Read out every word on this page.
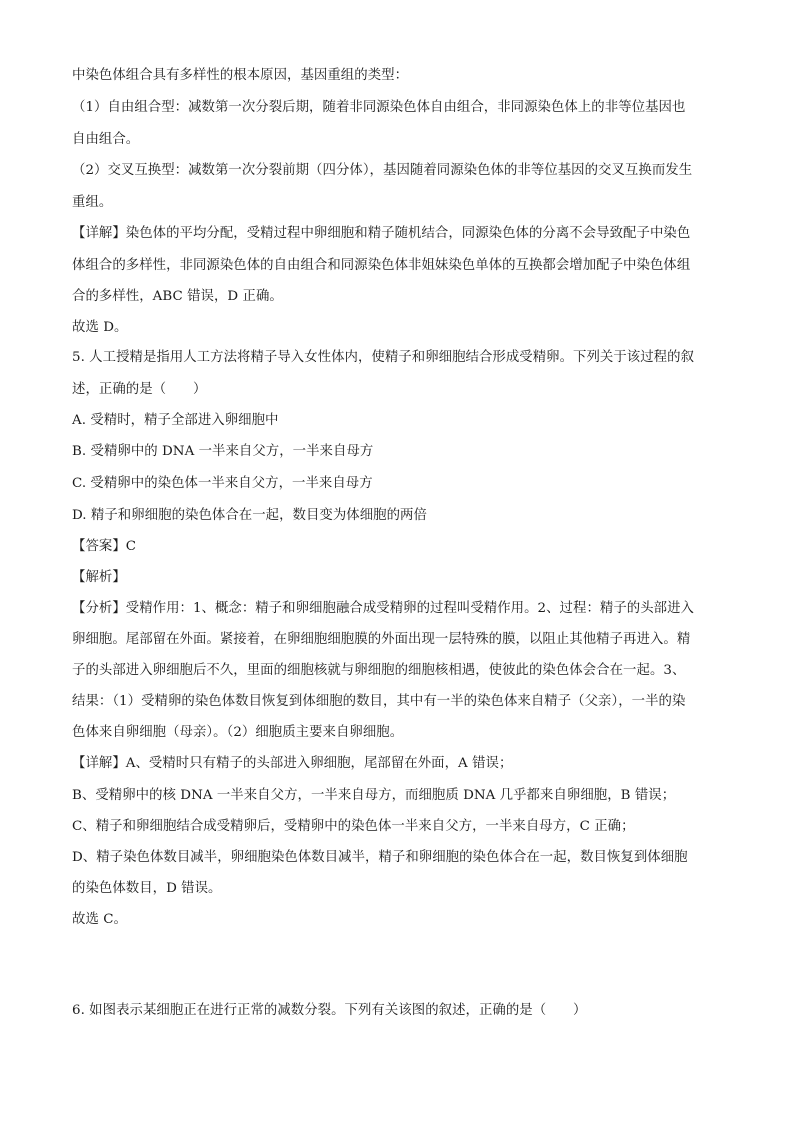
中染色体组合具有多样性的根本原因，基因重组的类型：
（1）自由组合型：减数第一次分裂后期，随着非同源染色体自由组合，非同源染色体上的非等位基因也
自由组合。
（2）交叉互换型：减数第一次分裂前期（四分体），基因随着同源染色体的非等位基因的交叉互换而发生
重组。
【详解】染色体的平均分配，受精过程中卵细胞和精子随机结合，同源染色体的分离不会导致配子中染色
体组合的多样性，非同源染色体的自由组合和同源染色体非姐妹染色单体的互换都会增加配子中染色体组
合的多样性，ABC 错误，D 正确。
故选 D。
5. 人工授精是指用人工方法将精子导入女性体内，使精子和卵细胞结合形成受精卵。下列关于该过程的叙
述，正确的是（　　）
A. 受精时，精子全部进入卵细胞中
B. 受精卵中的 DNA 一半来自父方，一半来自母方
C. 受精卵中的染色体一半来自父方，一半来自母方
D. 精子和卵细胞的染色体合在一起，数目变为体细胞的两倍
【答案】C
【解析】
【分析】受精作用：1、概念：精子和卵细胞融合成受精卵的过程叫受精作用。2、过程：精子的头部进入
卵细胞。尾部留在外面。紧接着，在卵细胞细胞膜的外面出现一层特殊的膜，以阻止其他精子再进入。精
子的头部进入卵细胞后不久，里面的细胞核就与卵细胞的细胞核相遇，使彼此的染色体会合在一起。3、
结果：（1）受精卵的染色体数目恢复到体细胞的数目，其中有一半的染色体来自精子（父亲），一半的染
色体来自卵细胞（母亲）。（2）细胞质主要来自卵细胞。
【详解】A、受精时只有精子的头部进入卵细胞，尾部留在外面，A 错误；
B、受精卵中的核 DNA 一半来自父方，一半来自母方，而细胞质 DNA 几乎都来自卵细胞，B 错误；
C、精子和卵细胞结合成受精卵后，受精卵中的染色体一半来自父方，一半来自母方，C 正确；
D、精子染色体数目减半，卵细胞染色体数目减半，精子和卵细胞的染色体合在一起，数目恢复到体细胞
的染色体数目，D 错误。
故选 C。
6. 如图表示某细胞正在进行正常的减数分裂。下列有关该图的叙述，正确的是（　　）
